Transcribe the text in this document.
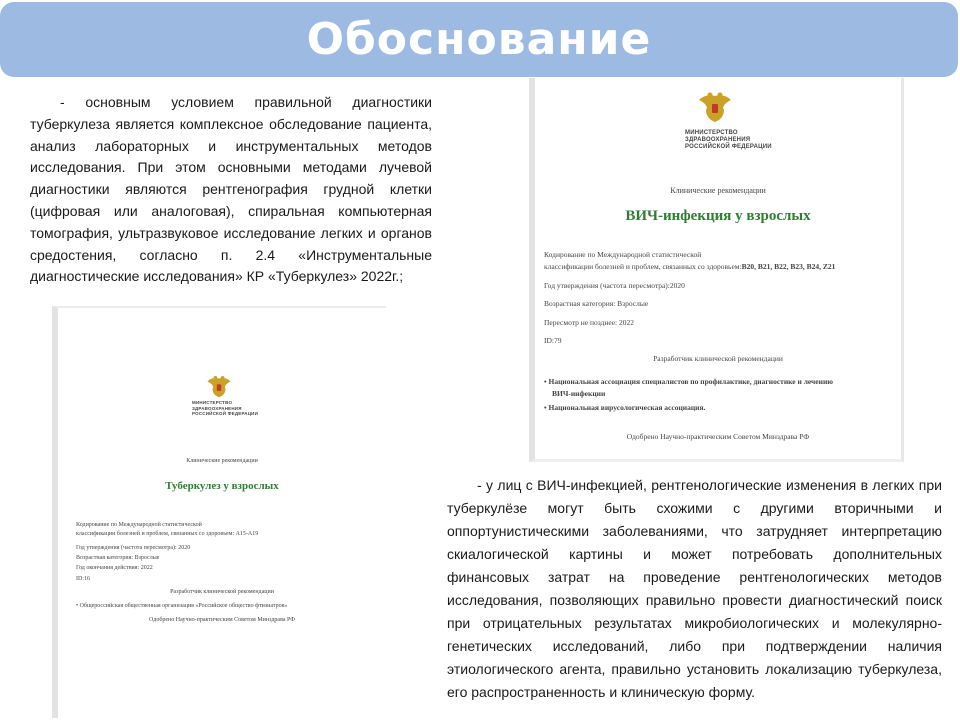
Обоснование
- основным условием правильной диагностики туберкулеза является комплексное обследование пациента, анализ лабораторных и инструментальных методов исследования. При этом основными методами лучевой диагностики являются рентгенография грудной клетки (цифровая или аналоговая), спиральная компьютерная томография, ультразвуковое исследование легких и органов средостения, согласно п. 2.4 «Инструментальные диагностические исследования» КР «Туберкулез» 2022г.;
МИНИСТЕРСТВО
ЗДРАВООХРАНЕНИЯ
РОССИЙСКОЙ ФЕДЕРАЦИИ
Клинические рекомендации
ВИЧ-инфекция у взрослых
Кодирование по Международной статистической
классификации болезней и проблем, связанных со здоровьем:B20, B21, B22, B23, B24, Z21
Год утверждения (частота пересмотра):2020
Возрастная категория: Взрослые
Пересмотр не позднее: 2022
ID:79
Разработчик клинической рекомендации
• Национальная ассоциация специалистов по профилактике, диагностике и лечению
ВИЧ-инфекции
• Национальная вирусологическая ассоциация.
Одобрено Научно-практическим Советом Минздрава РФ
МИНИСТЕРСТВО
ЗДРАВООХРАНЕНИЯ
РОССИЙСКОЙ ФЕДЕРАЦИИ
Клинические рекомендации
Туберкулез у взрослых
Кодирование по Международной статистической
классификации болезней и проблем, связанных со здоровьем: A15-A19
Год утверждения (частота пересмотра): 2020
Возрастная категория: Взрослые
Год окончания действия: 2022
ID:16
Разработчик клинической рекомендации
• Общероссийская общественная организация «Российское общество фтизиатров»
Одобрено Научно-практическим Советом Минздрава РФ
- у лиц с ВИЧ-инфекцией, рентгенологические изменения в легких при туберкулёзе могут быть схожими с другими вторичными и оппортунистическими заболеваниями, что затрудняет интерпретацию скиалогической картины и может потребовать дополнительных финансовых затрат на проведение рентгенологических методов исследования, позволяющих правильно провести диагностический поиск при отрицательных результатах микробиологических и молекулярно-генетических исследований, либо при подтверждении наличия этиологического агента, правильно установить локализацию туберкулеза, его распространенность и клиническую форму.
